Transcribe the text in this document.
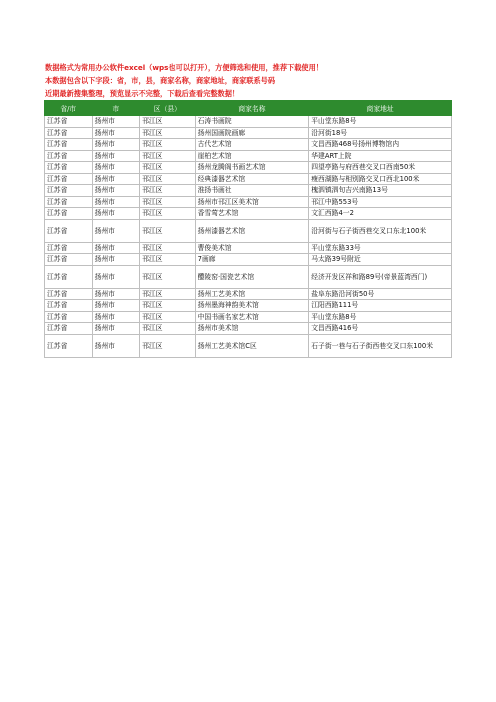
数据格式为常用办公软件excel（wps也可以打开），方便筛选和使用，推荐下载使用！
本数据包含以下字段：省，市，县，商家名称，商家地址，商家联系号码
近期最新搜集整理，预览显示不完整，下载后查看完整数据！
省/市	市	区（县）	商家名称	商家地址
江苏省	扬州市	邗江区	石涛书画院	平山堂东路8号
江苏省	扬州市	邗江区	扬州国画院画廊	沿河街18号
江苏省	扬州市	邗江区	古代艺术馆	文昌西路468号扬州博物馆内
江苏省	扬州市	邗江区	崖柏艺术馆	华建ART上院
江苏省	扬州市	邗江区	扬州龙腾阁书画艺术馆	四望亭路与府西巷交叉口西南50米
江苏省	扬州市	邗江区	经典漆器艺术馆	瘦西湖路与相别路交叉口西北100米
江苏省	扬州市	邗江区	淮扬书画社	槐泗镇泗旬吉兴南路13号
江苏省	扬州市	邗江区	扬州市邗江区美术馆	邗江中路553号
江苏省	扬州市	邗江区	香雪莺艺术馆	文汇西路4一2
江苏省	扬州市	邗江区	扬州漆器艺术馆	沿河街与石子街西巷交叉口东北100米
江苏省	扬州市	邗江区	曹俊美术馆	平山堂东路33号
江苏省	扬州市	邗江区	7画廊	马太路39号附近
江苏省	扬州市	邗江区	醴陵窑·国瓷艺术馆	经济开发区祥和路89号(帝景蓝湾西门)
江苏省	扬州市	邗江区	扬州工艺美术馆	盐阜东路沿河街50号
江苏省	扬州市	邗江区	扬州墨海神韵美术馆	江阳西路111号
江苏省	扬州市	邗江区	中国书画名家艺术馆	平山堂东路8号
江苏省	扬州市	邗江区	扬州市美术馆	文昌西路416号
江苏省	扬州市	邗江区	扬州工艺美术馆C区	石子街一巷与石子街西巷交叉口东100米
